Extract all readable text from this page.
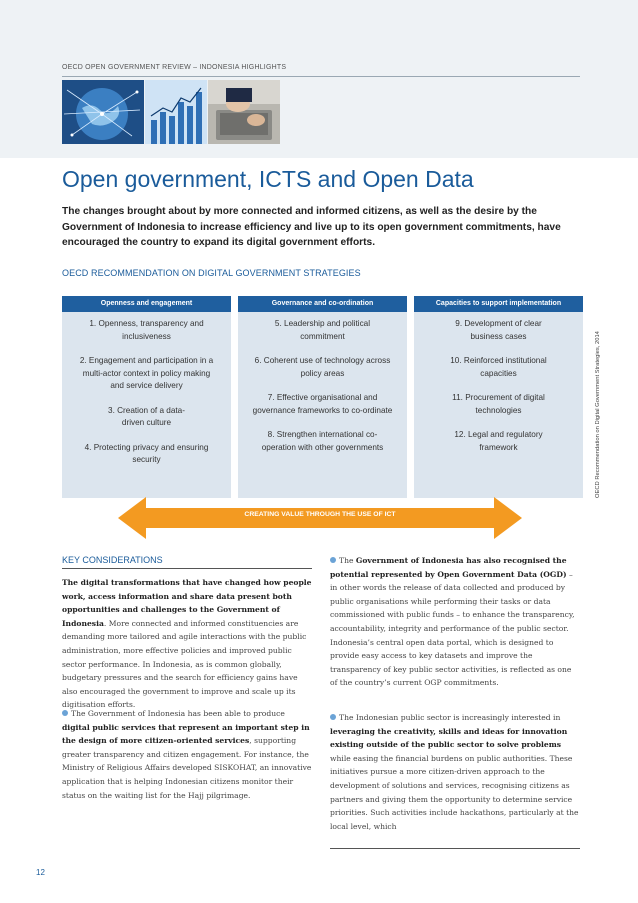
OECD OPEN GOVERNMENT REVIEW – INDONESIA HIGHLIGHTS
Open government, ICTS and Open Data
The changes brought about by more connected and informed citizens, as well as the desire by the Government of Indonesia to increase efficiency and live up to its open government commitments, have encouraged the country to expand its digital government efforts.
OECD RECOMMENDATION ON DIGITAL GOVERNMENT STRATEGIES
Openness and engagement
1. Openness, transparency and inclusiveness
2. Engagement and participation in a multi-actor context in policy making and service delivery
3. Creation of a data-driven culture
4. Protecting privacy and ensuring security
Governance and co-ordination
5. Leadership and political commitment
6. Coherent use of technology across policy areas
7. Effective organisational and governance frameworks to co-ordinate
8. Strengthen international co-operation with other governments
Capacities to support implementation
9. Development of clear business cases
10. Reinforced institutional capacities
11. Procurement of digital technologies
12. Legal and regulatory framework	OECD Recommendation on Digital Government Strategies, 2014
CREATING VALUE THROUGH THE USE OF ICT
KEY CONSIDERATIONS
The digital transformations that have changed how people work, access information and share data present both opportunities and challenges to the Government of Indonesia. More connected and informed constituencies are demanding more tailored and agile interactions with the public administration, more effective policies and improved public sector performance. In Indonesia, as is common globally, budgetary pressures and the search for efficiency gains have also encouraged the government to improve and scale up its digitisation efforts.
The Government of Indonesia has been able to produce digital public services that represent an important step in the design of more citizen-oriented services, supporting greater transparency and citizen engagement. For instance, the Ministry of Religious Affairs developed SISKOHAT, an innovative application that is helping Indonesian citizens monitor their status on the waiting list for the Hajj pilgrimage.
The Government of Indonesia has also recognised the potential represented by Open Government Data (OGD) – in other words the release of data collected and produced by public organisations while performing their tasks or data commissioned with public funds – to enhance the transparency, accountability, integrity and performance of the public sector. Indonesia’s central open data portal, which is designed to provide easy access to key datasets and improve the transparency of key public sector activities, is reflected as one of the country’s current OGP commitments.
The Indonesian public sector is increasingly interested in leveraging the creativity, skills and ideas for innovation existing outside of the public sector to solve problems while easing the financial burdens on public authorities. These initiatives pursue a more citizen-driven approach to the development of solutions and services, recognising citizens as partners and giving them the opportunity to determine service priorities. Such activities include hackathons, particularly at the local level, which
12
